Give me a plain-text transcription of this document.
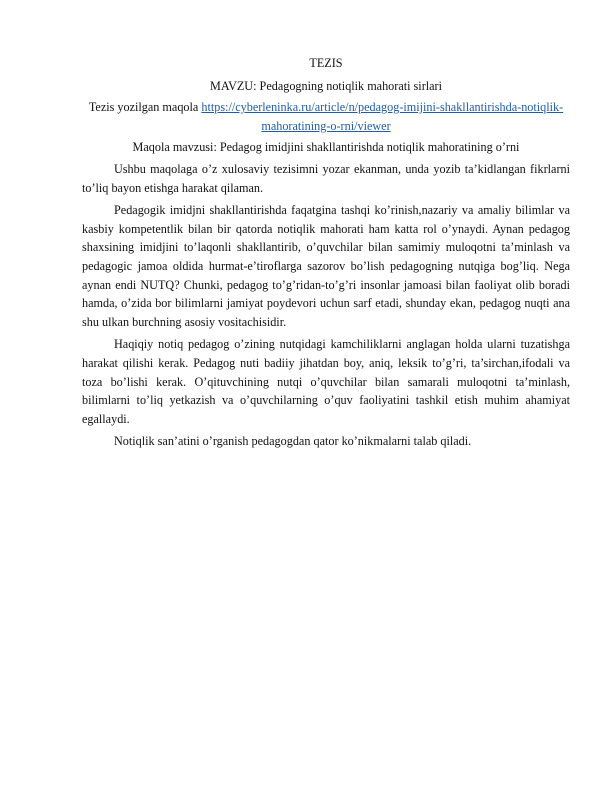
TEZIS

MAVZU: Pedagogning notiqlik mahorati sirlari

Tezis yozilgan maqola https://cyberleninka.ru/article/n/pedagog-imijini-shakllantirishda-notiqlik-mahoratining-o-rni/viewer

Maqola mavzusi: Pedagog imidjini shakllantirishda notiqlik mahoratining o’rni

Ushbu maqolaga o’z xulosaviy tezisimni yozar ekanman, unda yozib ta’kidlangan fikrlarni to’liq bayon etishga harakat qilaman.

Pedagogik imidjni shakllantirishda faqatgina tashqi ko’rinish,nazariy va amaliy bilimlar va kasbiy kompetentlik bilan bir qatorda notiqlik mahorati ham katta rol o’ynaydi. Aynan pedagog shaxsining imidjini to’laqonli shakllantirib, o’quvchilar bilan samimiy muloqotni ta’minlash va pedagogic jamoa oldida hurmat-e’tiroflarga sazorov bo’lish pedagogning nutqiga bog’liq. Nega aynan endi NUTQ? Chunki, pedagog to’g’ridan-to’g’ri insonlar jamoasi bilan faoliyat olib boradi hamda, o’zida bor bilimlarni jamiyat poydevori uchun sarf etadi, shunday ekan, pedagog nuqti ana shu ulkan burchning asosiy vositachisidir.

Haqiqiy notiq pedagog o’zining nutqidagi kamchiliklarni anglagan holda ularni tuzatishga harakat qilishi kerak. Pedagog nuti badiiy jihatdan boy, aniq, leksik to’g’ri, ta’sirchan,ifodali va toza bo’lishi kerak. O’qituvchining nutqi o’quvchilar bilan samarali muloqotni ta’minlash, bilimlarni to’liq yetkazish va o’quvchilarning o’quv faoliyatini tashkil etish muhim ahamiyat egallaydi.

Notiqlik san’atini o’rganish pedagogdan qator ko’nikmalarni talab qiladi.
